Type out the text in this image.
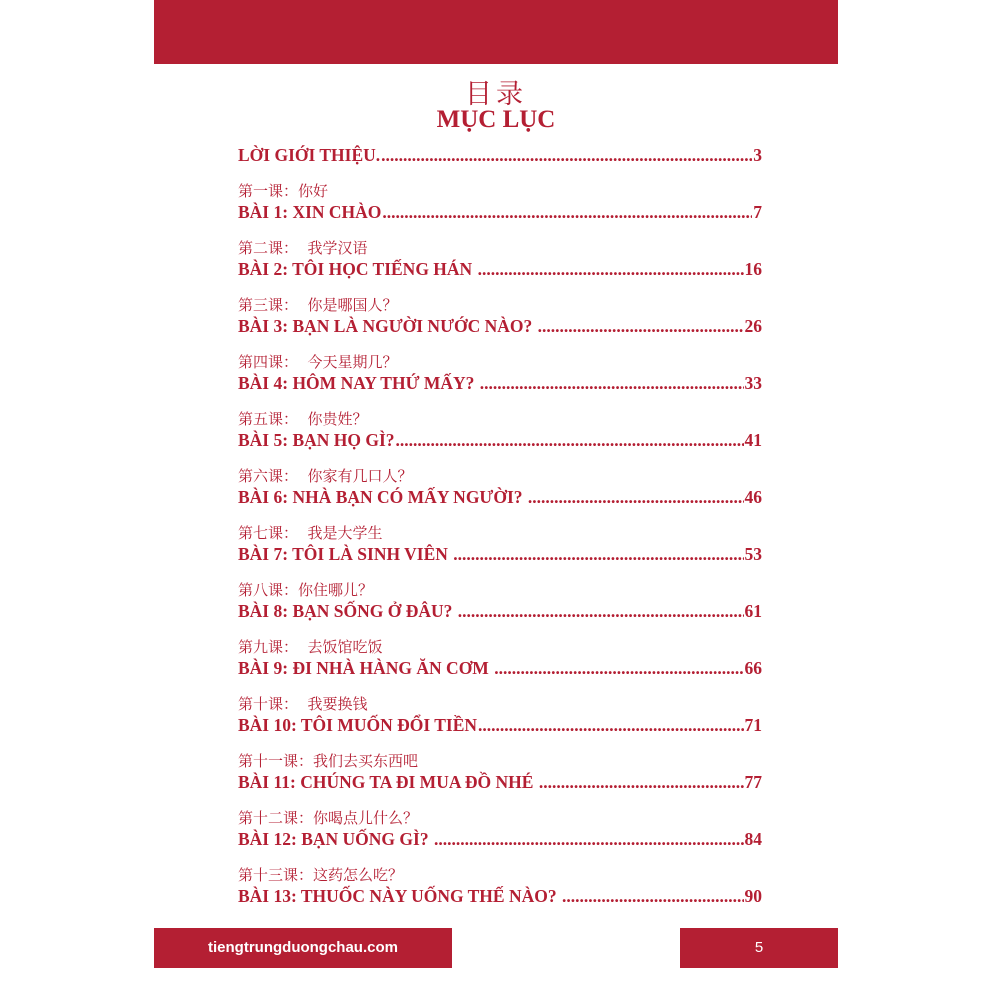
目录
MỤC LỤC
LỜI GIỚI THIỆU. .....	3
第一课：你好
BÀI 1: XIN CHÀO .....	7
第二课：  我学汉语
BÀI 2: TÔI HỌC TIẾNG HÁN .....	16
第三课：  你是哪国人？
BÀI 3: BẠN LÀ NGƯỜI NƯỚC NÀO? .....	26
第四课：  今天星期几？
BÀI 4: HÔM NAY THỨ MẤY? .....	33
第五课：  你贵姓？
BÀI 5: BẠN HỌ GÌ? .....	41
第六课：  你家有几口人？
BÀI 6: NHÀ BẠN CÓ MẤY NGƯỜI? .....	46
第七课：  我是大学生
BÀI 7: TÔI LÀ SINH VIÊN .....	53
第八课：你住哪儿？
BÀI 8: BẠN SỐNG Ở ĐÂU? .....	61
第九课：  去饭馆吃饭
BÀI 9: ĐI NHÀ HÀNG ĂN CƠM .....	66
第十课：  我要换钱
BÀI 10: TÔI MUỐN ĐỔI TIỀN .....	71
第十一课：我们去买东西吧
BÀI 11: CHÚNG TA ĐI MUA ĐỒ NHÉ .....	77
第十二课：你喝点儿什么？
BÀI 12: BẠN UỐNG GÌ? .....	84
第十三课：这药怎么吃？
BÀI 13: THUỐC NÀY UỐNG THẾ NÀO? .....	90
tiengtrungduongchau.com	5
